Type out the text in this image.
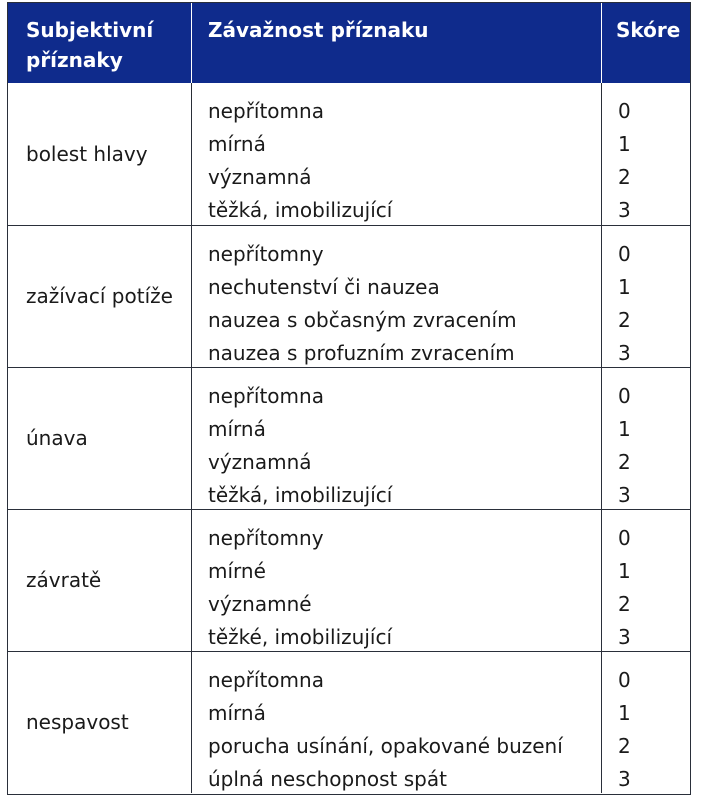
Subjektivní příznaky
Závažnost příznaku	Skóre
bolest hlavy
nepřítomna
mírná
významná
těžká, imobilizující
0
1
2
3
zažívací potíže
nepřítomny
nechutenství či nauzea
nauzea s občasným zvracením
nauzea s profuzním zvracením
0
1
2
3
únava
nepřítomna
mírná
významná
těžká, imobilizující
0
1
2
3
závratě
nepřítomny
mírné
významné
těžké, imobilizující
0
1
2
3
nespavost
nepřítomna
mírná
porucha usínání, opakované buzení
úplná neschopnost spát
0
1
2
3
